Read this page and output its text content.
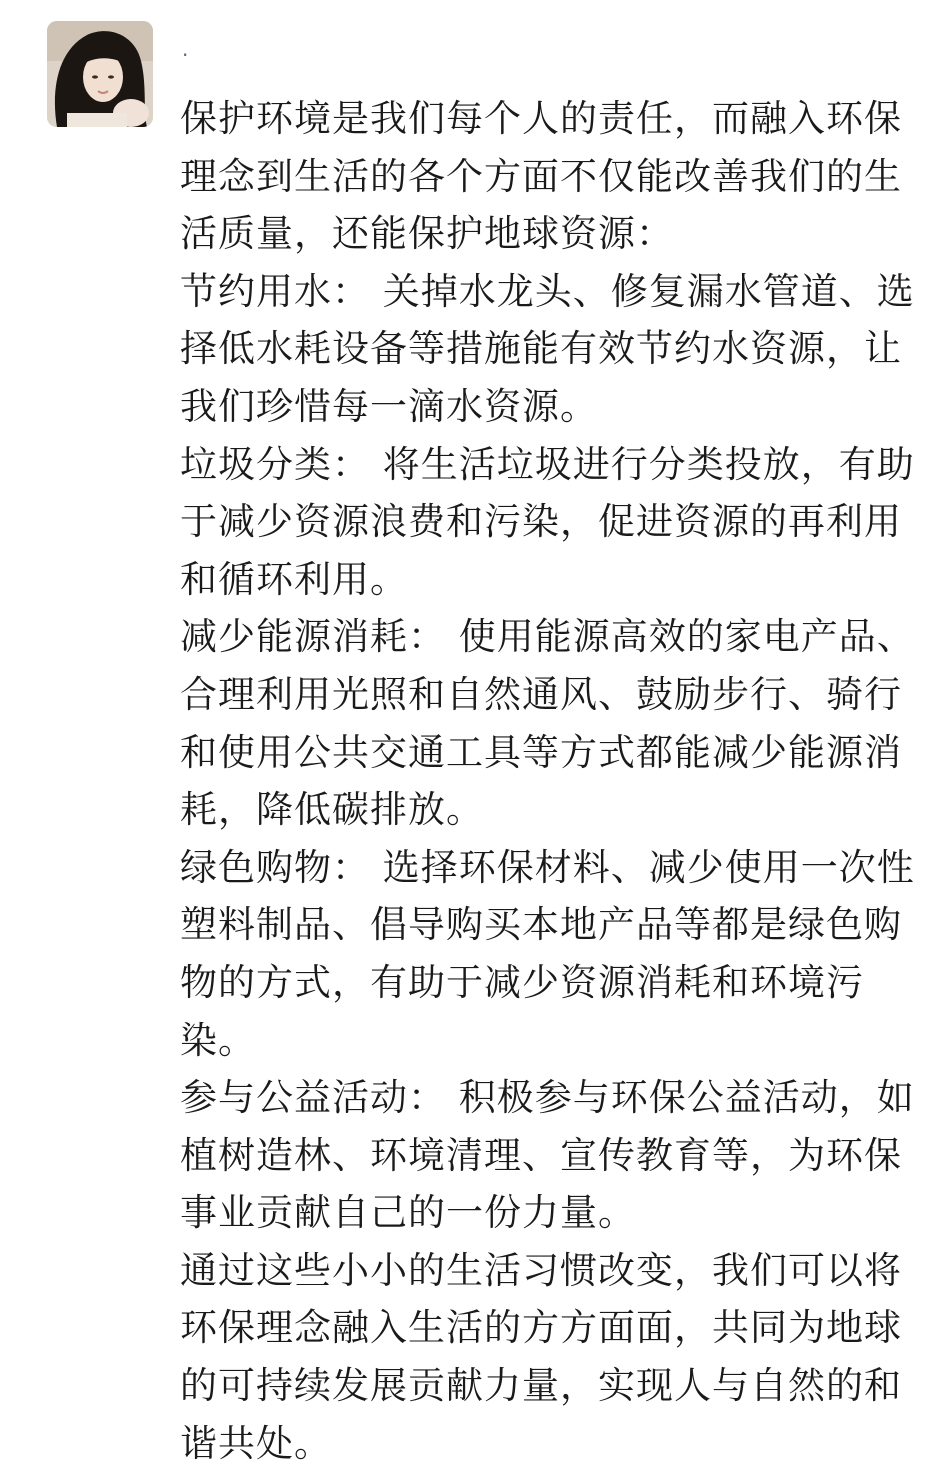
·

保护环境是我们每个人的责任，而融入环保理念到生活的各个方面不仅能改善我们的生活质量，还能保护地球资源：

节约用水： 关掉水龙头、修复漏水管道、选择低水耗设备等措施能有效节约水资源，让我们珍惜每一滴水资源。

垃圾分类： 将生活垃圾进行分类投放，有助于减少资源浪费和污染，促进资源的再利用和循环利用。

减少能源消耗： 使用能源高效的家电产品、合理利用光照和自然通风、鼓励步行、骑行和使用公共交通工具等方式都能减少能源消耗，降低碳排放。

绿色购物： 选择环保材料、减少使用一次性塑料制品、倡导购买本地产品等都是绿色购物的方式，有助于减少资源消耗和环境污染。

参与公益活动： 积极参与环保公益活动，如植树造林、环境清理、宣传教育等，为环保事业贡献自己的一份力量。

通过这些小小的生活习惯改变，我们可以将环保理念融入生活的方方面面，共同为地球的可持续发展贡献力量，实现人与自然的和谐共处。
